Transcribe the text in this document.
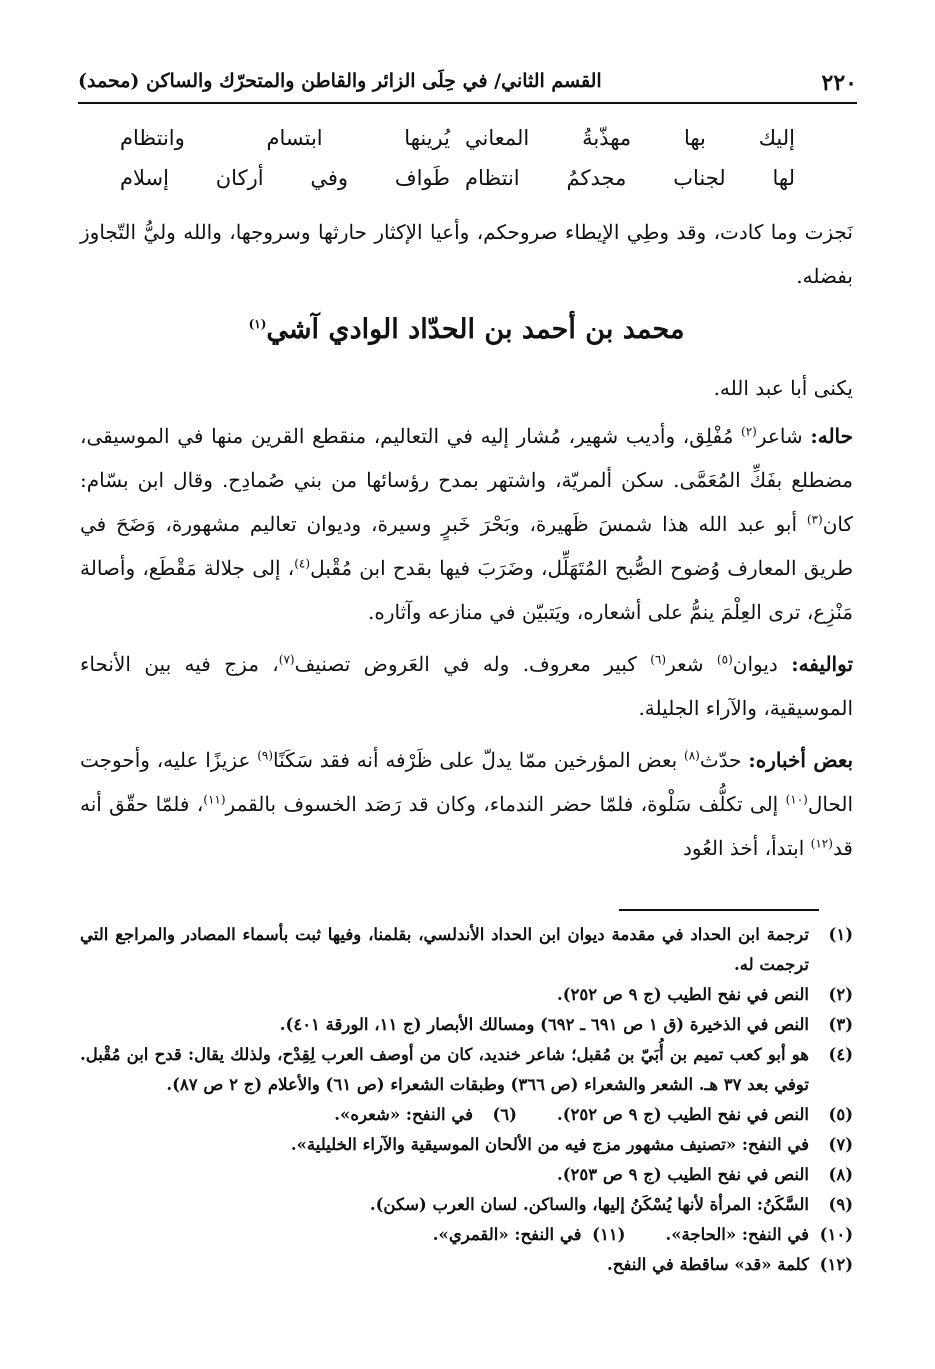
٢٢٠
القسم الثاني/ في حِلَى الزائر والقاطن والمتحرّك والساكن (محمد)
إليك بها مهذّبةُ المعاني
يُرينها ابتسام وانتظام
لها لجناب مجدكمُ انتظام
طَواف وفي أركان إسلام

نَجزت وما كادت، وقد وطِي الإيطاء صروحكم، وأعيا الإكثار حارثها وسروجها، والله وليُّ التّجاوز بفضله.

محمد بن أحمد بن الحدّاد الوادي آشي$^{(١)}$

يكنى أبا عبد الله.

حاله: شاعر$^{(٢)}$ مُفْلِق، وأديب شهير، مُشار إليه في التعاليم، منقطع القرين منها في الموسيقى، مضطلع بفَكِّ المُعَمَّى. سكن ألمريّة، واشتهر بمدح رؤسائها من بني صُمادِح. وقال ابن بسّام: كان$^{(٣)}$ أبو عبد الله هذا شمسَ ظَهيرة، وبَحْرَ خَبرٍ وسيرة، وديوان تعاليم مشهورة، وَضَحَ في طريق المعارف وُضوح الصُّبح المُتَهَلِّل، وضَرَبَ فيها بقدح ابن مُقْبل$^{(٤)}$، إلى جلالة مَقْطَع، وأصالة مَنْزِع، ترى العِلْمَ ينمُّ على أشعاره، ويَتبيّن في منازعه وآثاره.

تواليفه: ديوان$^{(٥)}$ شعر$^{(٦)}$ كبير معروف. وله في العَروض تصنيف$^{(٧)}$، مزج فيه بين الأنحاء الموسيقية، والآراء الجليلة.

بعض أخباره: حدّث$^{(٨)}$ بعض المؤرخين ممّا يدلّ على ظَرْفه أنه فقد سَكَنًا$^{(٩)}$ عزيزًا عليه، وأحوجت الحال$^{(١٠)}$ إلى تكلُّف سَلْوة، فلمّا حضر الندماء، وكان قد رَصَد الخسوف بالقمر$^{(١١)}$، فلمّا حقّق أنه قد$^{(١٢)}$ ابتدأ، أخذ العُود

(١)
ترجمة ابن الحداد في مقدمة ديوان ابن الحداد الأندلسي، بقلمنا، وفيها ثبت بأسماء المصادر والمراجع التي ترجمت له.
(٢)
النص في نفح الطيب (ج ٩ ص ٢٥٢).
(٣)
النص في الذخيرة (ق ١ ص ٦٩١ ـ ٦٩٢) ومسالك الأبصار (ج ١١، الورقة ٤٠١).
(٤)
هو أبو كعب تميم بن أُبَيّ بن مُقبل؛ شاعر خنديد، كان من أوصف العرب لِقِدْح، ولذلك يقال: قدح ابن مُقْبل. توفي بعد ٣٧ هـ. الشعر والشعراء (ص ٣٦٦) وطبقات الشعراء (ص ٦١) والأعلام (ج ٢ ص ٨٧).
(٥)
النص في نفح الطيب (ج ٩ ص ٢٥٢).
(٦)
في النفح: «شعره».
(٧)
في النفح: «تصنيف مشهور مزج فيه من الألحان الموسيقية والآراء الخليلية».
(٨)
النص في نفح الطيب (ج ٩ ص ٢٥٣).
(٩)
السَّكَنُ: المرأة لأنها يُسْكَنُ إليها، والساكن. لسان العرب (سكن).
(١٠)
في النفح: «الحاجة».
(١١)
في النفح: «القمري».
(١٢)
كلمة «قد» ساقطة في النفح.
